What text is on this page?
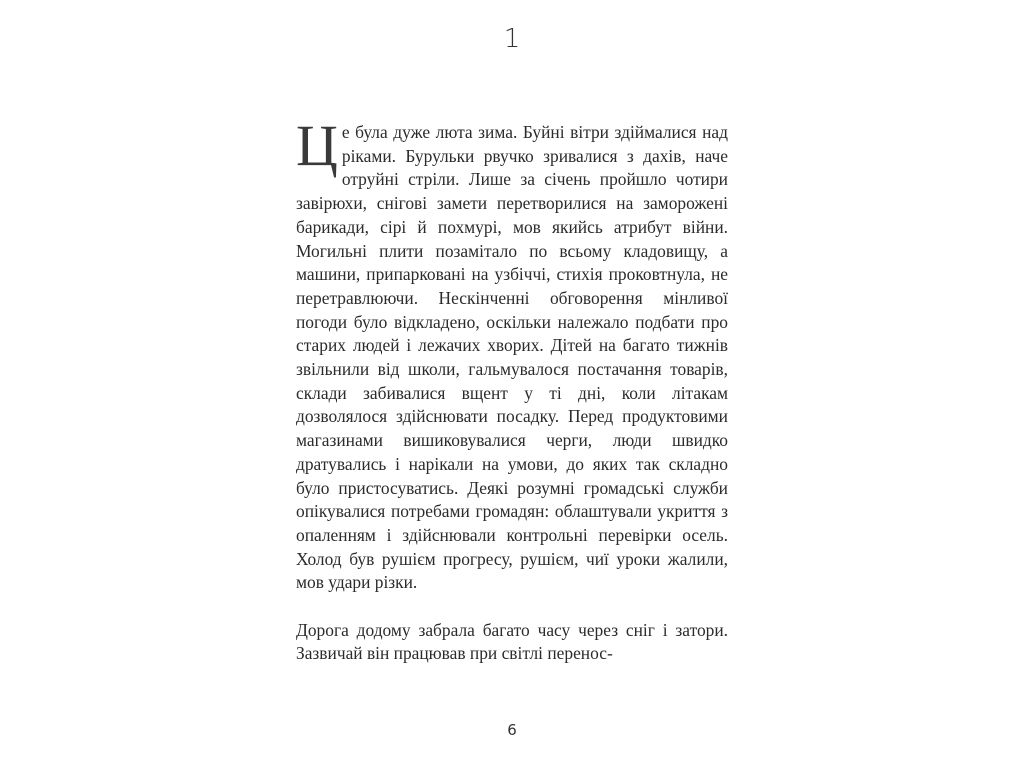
1

Це була дуже люта зима. Буйні вітри здіймалися над ріками. Бурульки рвучко зривалися з дахів, наче отруйні стріли. Лише за січень пройшло чотири завірюхи, снігові замети перетворилися на заморожені барикади, сірі й похмурі, мов якийсь атрибут війни. Могильні плити позамітало по всьому кладовищу, а машини, припарковані на узбіччі, стихія проковтнула, не перетравлюючи. Нескінченні обговорення мінливої погоди було відкладено, оскільки належало подбати про старих людей і лежачих хворих. Дітей на багато тижнів звільнили від школи, гальмувалося постачання товарів, склади забивалися вщент у ті дні, коли літакам дозволялося здійснювати посадку. Перед продуктовими магазинами вишиковувалися черги, люди швидко дратувались і нарікали на умови, до яких так складно було пристосуватись. Деякі розумні громадські служби опікувалися потребами громадян: облаштували укриття з опаленням і здійснювали контрольні перевірки осель. Холод був рушієм прогресу, рушієм, чиї уроки жалили, мов удари різки.

Дорога додому забрала багато часу через сніг і затори. Зазвичай він працював при світлі перенос-

6
